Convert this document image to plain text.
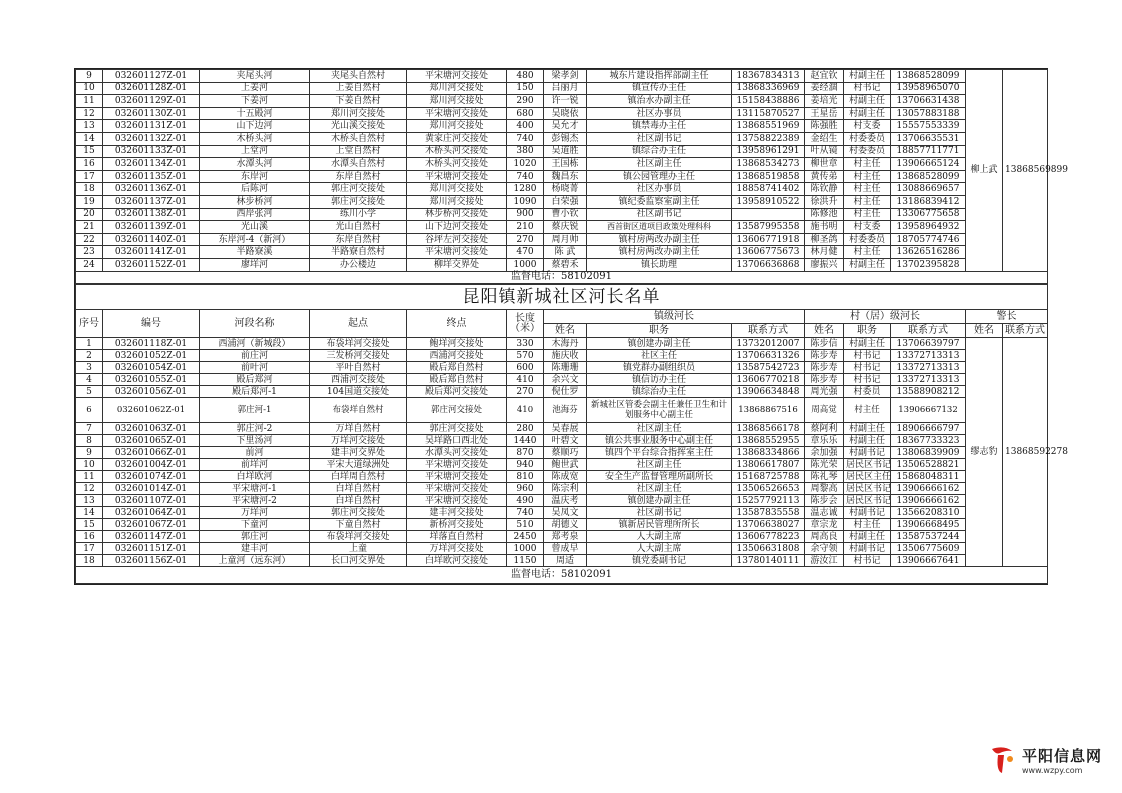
9	032601127Z-01	夹尾头河	夹尾头自然村	平宋塘河交接处	480	梁孝剑	城东片建设指挥部副主任	18367834313	赵宜钦	村副主任	13868528099	柳上武	13868569899
10	032601128Z-01	上姜河	上姜自然村	郑川河交接处	150	吕丽月	镇宣传办主任	13868336969	姜经涸	村书记	13958965070		
11	032601129Z-01	下姜河	下姜自然村	郑川河交接处	290	许一锐	镇治水办副主任	15158438886	姜培光	村副主任	13706631438		
12	032601130Z-01	十五殿河	郑川河交接处	平宋塘河交接处	680	吴晓依	社区办事员	13115870527	王星岳	村副主任	13057883188		
13	032601131Z-01	山下边河	光山溪交接处	郑川河交接处	400	吴允才	镇禁毒办主任	13868551969	陈强胜	村支委	15557553339		
14	032601132Z-01	木桥头河	木桥头自然村	黄家庄河交接处	740	彭锡杰	社区副书记	13758822389	金绍生	村委委员	13706635531		
15	032601133Z-01	上堂河	上堂自然村	木桥头河交接处	380	吴道胜	镇综合办主任	13958961291	叶从镜	村委委员	18857711771		
16	032601134Z-01	水潭头河	水潭头自然村	木桥头河交接处	1020	王国栋	社区副主任	13868534273	柳世章	村主任	13906665124		
17	032601135Z-01	东岸河	东岸自然村	平宋塘河交接处	740	魏昌东	镇公园管理办主任	13868519858	黄传弟	村主任	13868528099		
18	032601136Z-01	后陈河	郭庄河交接处	郑川河交接处	1280	杨晓菁	社区办事员	18858741402	陈钦静	村主任	13088669657		
19	032601137Z-01	林步桥河	郭庄河交接处	郑川河交接处	1090	白荣强	镇纪委监察室副主任	13958910522	徐洪升	村主任	13186839412		
20	032601138Z-01	西岸张河	练川小学	林步桥河交接处	900	曹小钦	社区副书记		陈修池	村主任	13306775658		
21	032601139Z-01	光山溪	光山自然村	山下边河交接处	210	蔡庆锐	西首街区道项目政策处理科科	13587995358	施书明	村支委	13958964932		
22	032601140Z-01	东岸河-4（新河）	东岸自然村	谷坪左河交接处	270	周月帅	镇村房两改办副主任	13606771918	柳圣鸽	村委委员	18705774746		
23	032601141Z-01	半路寮溪	半路寮自然村	平宋塘河交接处	470	陈 武	镇村房两改办副主任	13606775673	林月健	村主任	13626516286		
24	032601152Z-01	廖垟河	办公楼边	柳垟交界处	1000	蔡碧禾	镇长助理	13706636868	廖振兴	村副主任	13702395828		
监督电话：58102091													
昆阳镇新城社区河长名单													
序号	编号	河段名称	起点	终点	长度（米）	镇级河长			村（居）级河长			警长	
						姓名	职务	联系方式	姓名	职务	联系方式	姓名	联系方式
1	032601118Z-01	西浦河（新城段）	布袋垟河交接处	鲍垟河交接处	330	木海丹	镇创建办副主任	13732012007	陈步信	村副主任	13706639797	缪志豹	13868592278
2	032601052Z-01	前庄河	三发桥河交接处	西浦河交接处	570	施庆收	社区主任	13706631326	陈步寿	村书记	13372713313		
3	032601054Z-01	前叶河	平叶自然村	殿后郑自然村	600	陈珊珊	镇党群办副组织员	13587542723	陈步寿	村书记	13372713313		
4	032601055Z-01	殿后郑河	西浦河交接处	殿后郑自然村	410	余兴文	镇信访办主任	13606770218	陈步寿	村书记	13372713313		
5	032601056Z-01	殿后郑河-1	104国道交接处	殿后郑河交接处	270	倪仕罗	镇综治办主任	13906634848	周光强	村委员	13588908212		
6	032601062Z-01	郭庄河-1	布袋垟自然村	郭庄河交接处	410	池海芬	新城社区管委会副主任兼任卫生和计划服务中心副主任	13868867516	周高觉	村主任	13906667132		
7	032601063Z-01	郭庄河-2	万垟自然村	郭庄河交接处	280	吴春展	社区副主任	13868566178	蔡阿利	村副主任	18906666797		
8	032601065Z-01	下里汤河	万垟河交接处	吴垟路口西北处	1440	叶碧文	镇公共事业服务中心副主任	13868552955	章乐乐	村副主任	18367733323		
9	032601066Z-01	前河	建丰河交界处	水潭头河交接处	870	蔡顺巧	镇四个平台综合指挥室主任	13868334866	余加强	村副书记	13806839909		
10	032601004Z-01	前垟河	平宋大道绿洲处	平宋塘河交接处	940	鲍世武	社区副主任	13806617807	陈光荣	居民区书记	13506528821		
11	032601074Z-01	白垟欧河	白垟周自然村	平宋塘河交接处	810	陈成宽	安全生产监督管理所副所长	15168725788	陈礼琴	居民区主任	15868048311		
12	032601014Z-01	平宋塘河-1	白垟自然村	平宋塘河交接处	960	陈宗利	社区副主任	13506526653	周黎高	居民区书记	13906666162		
13	032601107Z-01	平宋塘河-2	白垟自然村	平宋塘河交接处	490	温庆考	镇创建办副主任	15257792113	陈步会	居民区书记	13906666162		
14	032601064Z-01	万垟河	郭庄河交接处	建丰河交接处	740	吴凤文	社区副书记	13587835558	温志诚	村副书记	13566208310		
15	032601067Z-01	下童河	下童自然村	新桥河交接处	510	胡德义	镇新居民管理所所长	13706638027	章宗龙	村主任	13906668495		
16	032601147Z-01	郭庄河	布袋垟河交接处	垟落直自然村	2450	郑考泉	人大副主席	13606778223	周高良	村副主任	13587537244		
17	032601151Z-01	建丰河	上童	万垟河交接处	1000	曾成早	人大副主席	13506631808	余守领	村副书记	13506775609		
18	032601156Z-01	上童河（远东河）	长口河交界处	白垟欧河交接处	1150	周适	镇党委副书记	13780140111	游汝江	村书记	13906667641		
监督电话：58102091													
平阳信息网
www.wzpy.com
